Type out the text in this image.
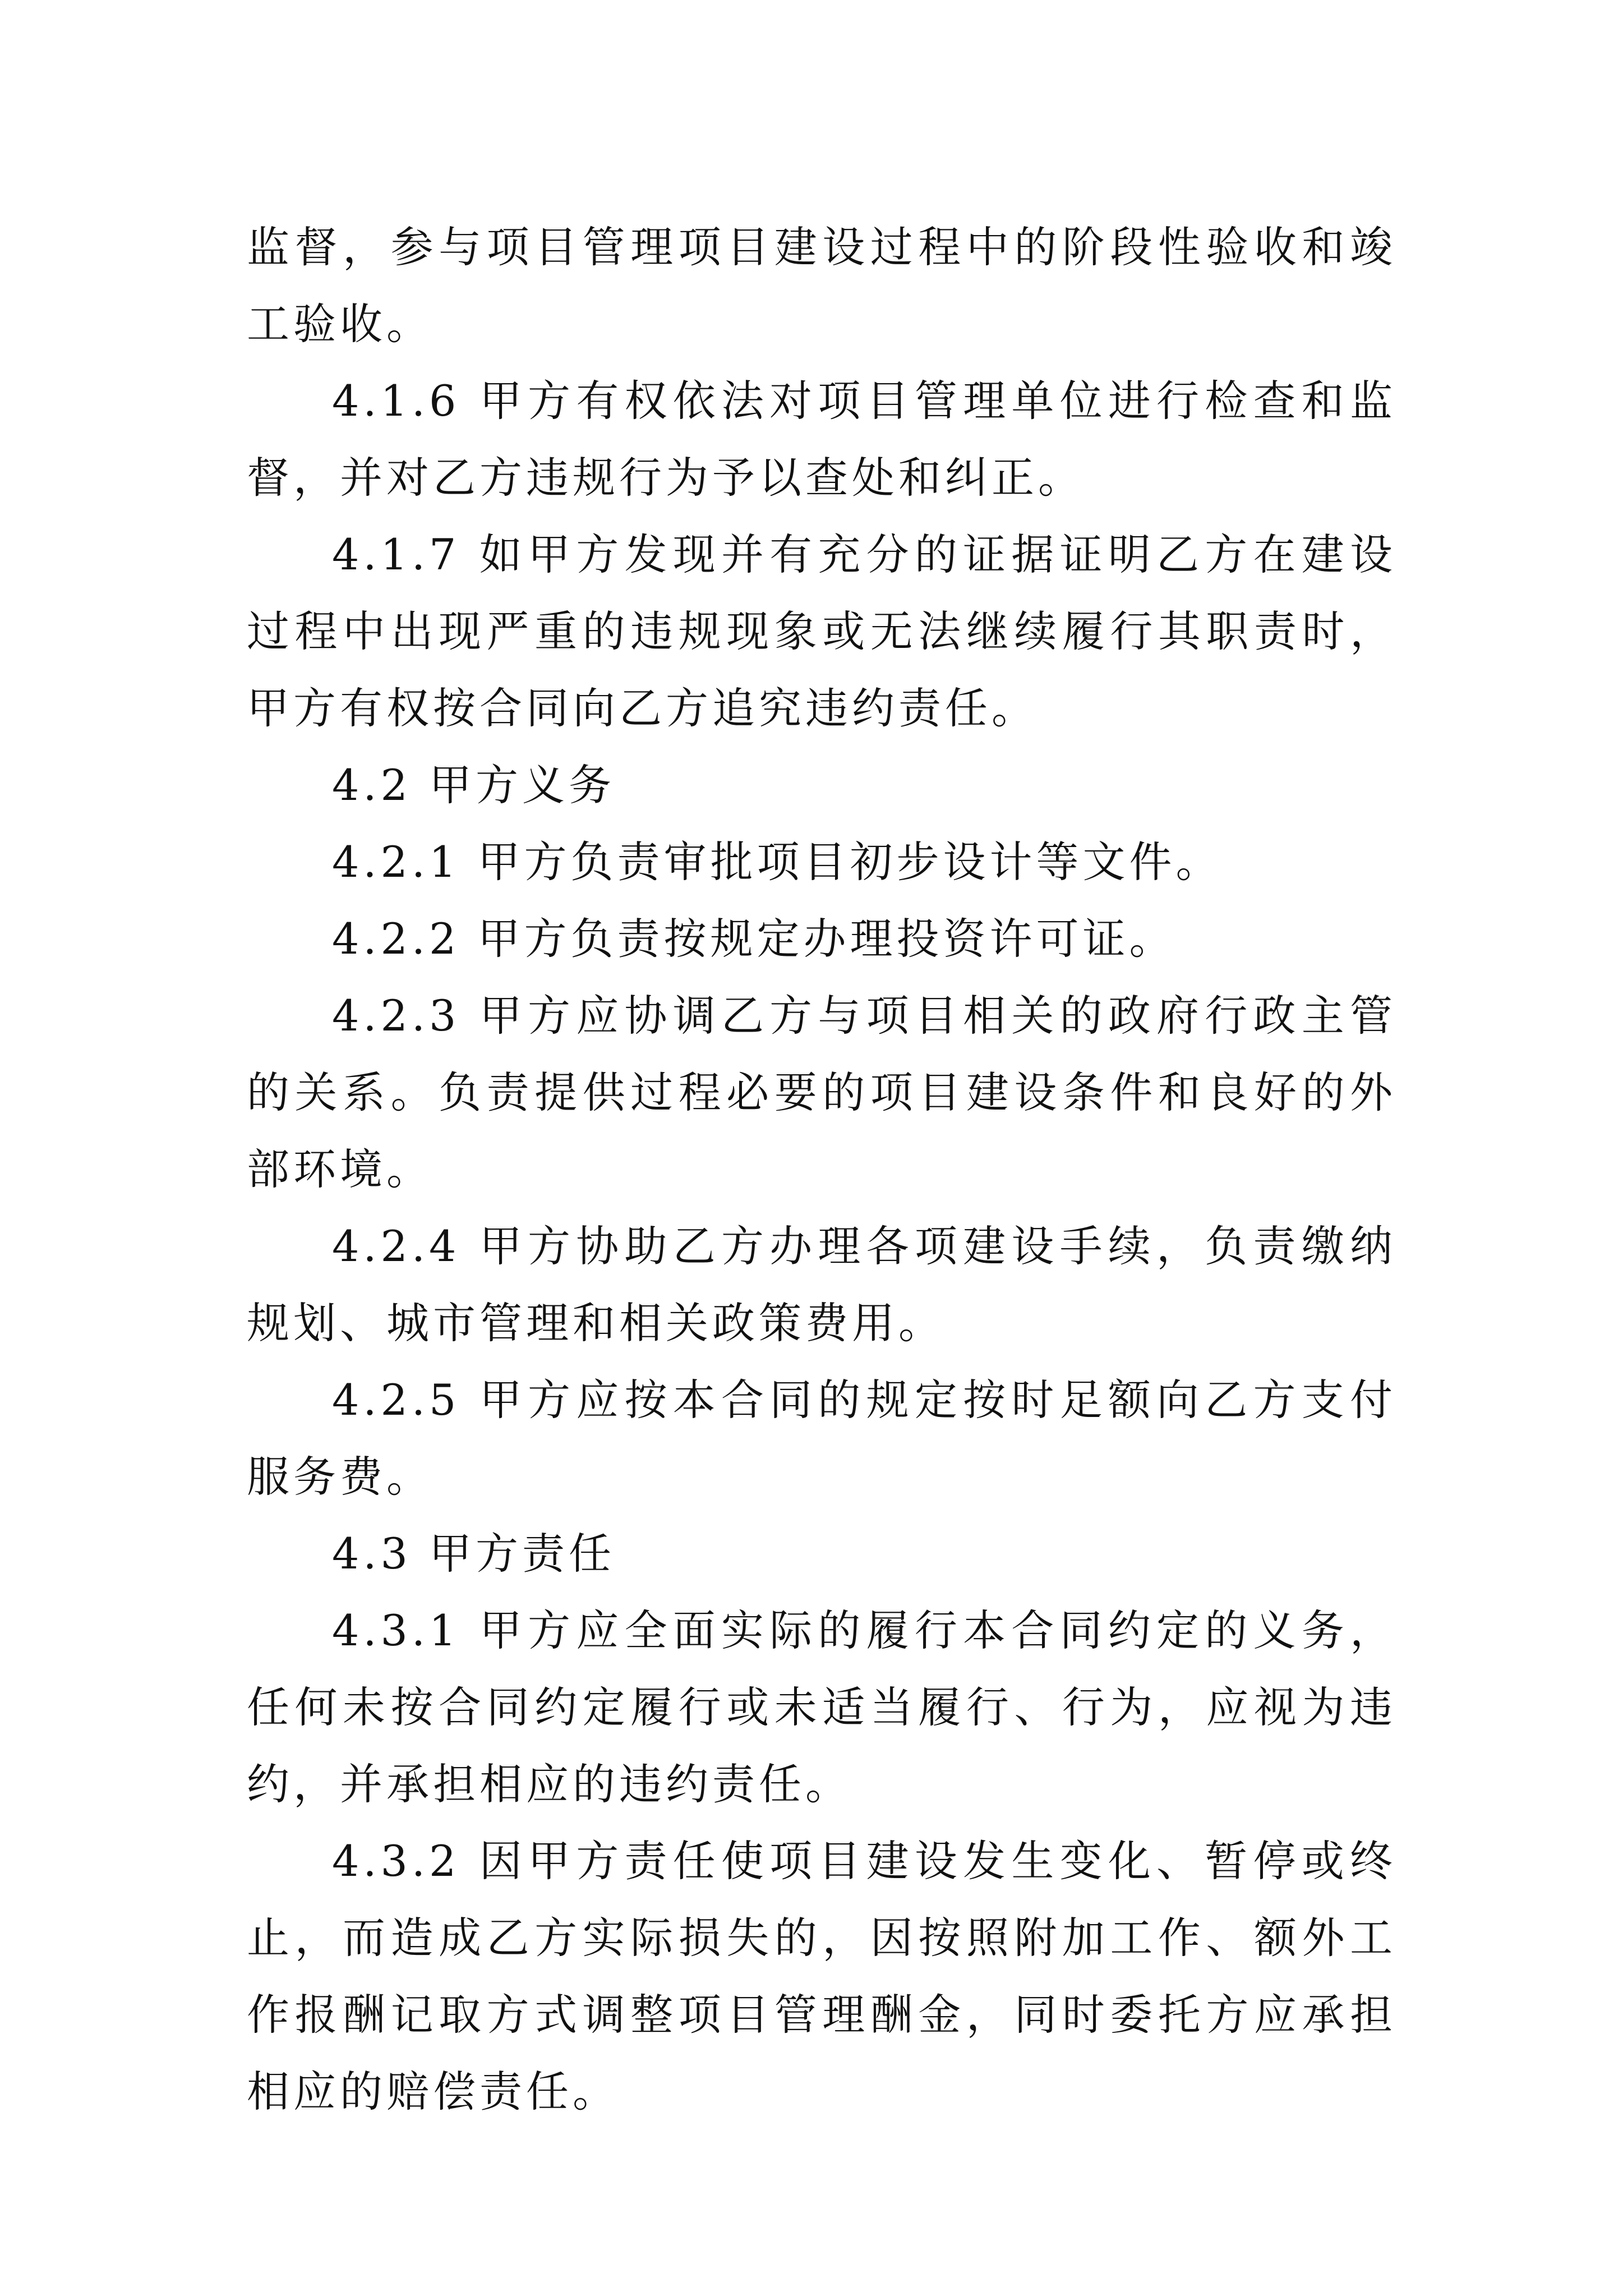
监督，参与项目管理项目建设过程中的阶段性验收和竣工验收。

4.1.6 甲方有权依法对项目管理单位进行检查和监督，并对乙方违规行为予以查处和纠正。

4.1.7 如甲方发现并有充分的证据证明乙方在建设过程中出现严重的违规现象或无法继续履行其职责时，甲方有权按合同向乙方追究违约责任。

4.2 甲方义务

4.2.1 甲方负责审批项目初步设计等文件。

4.2.2 甲方负责按规定办理投资许可证。

4.2.3 甲方应协调乙方与项目相关的政府行政主管的关系。负责提供过程必要的项目建设条件和良好的外部环境。

4.2.4 甲方协助乙方办理各项建设手续，负责缴纳规划、城市管理和相关政策费用。

4.2.5 甲方应按本合同的规定按时足额向乙方支付服务费。

4.3 甲方责任

4.3.1 甲方应全面实际的履行本合同约定的义务，任何未按合同约定履行或未适当履行、行为，应视为违约，并承担相应的违约责任。

4.3.2 因甲方责任使项目建设发生变化、暂停或终止，而造成乙方实际损失的，因按照附加工作、额外工作报酬记取方式调整项目管理酬金，同时委托方应承担相应的赔偿责任。
